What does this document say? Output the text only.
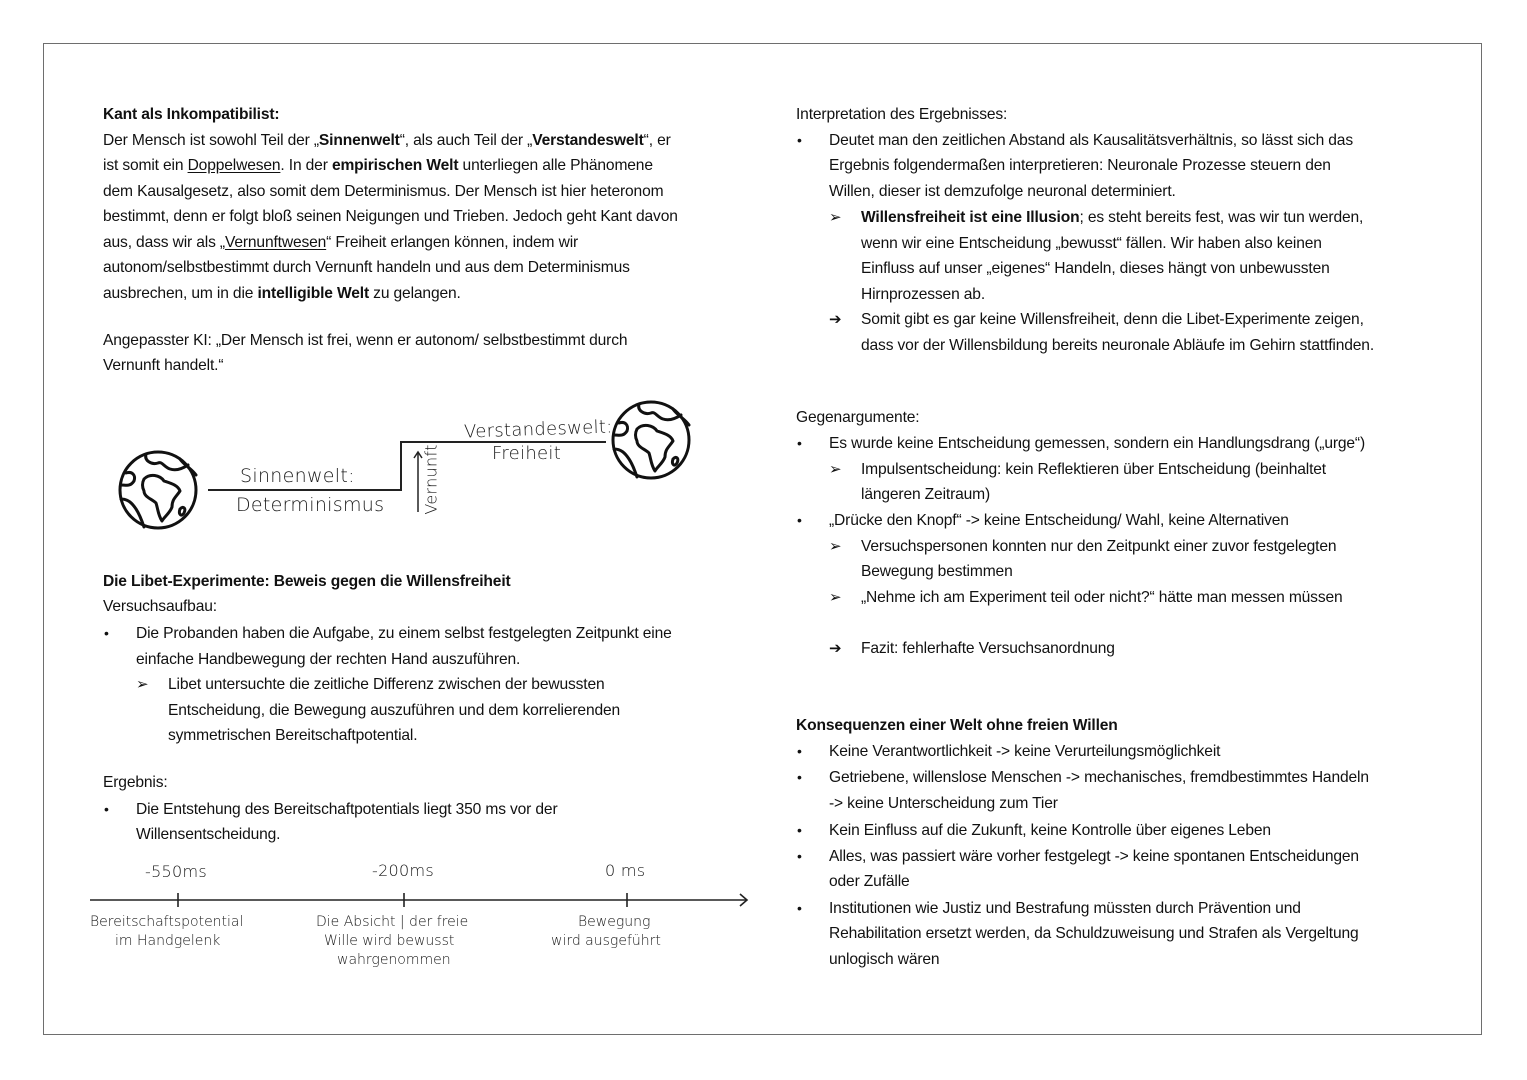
Kant als Inkompatibilist:
Der Mensch ist sowohl Teil der „Sinnenwelt“, als auch Teil der „Verstandeswelt“, er
ist somit ein Doppelwesen. In der empirischen Welt unterliegen alle Phänomene
dem Kausalgesetz, also somit dem Determinismus. Der Mensch ist hier heteronom
bestimmt, denn er folgt bloß seinen Neigungen und Trieben. Jedoch geht Kant davon
aus, dass wir als „Vernunftwesen“ Freiheit erlangen können, indem wir
autonom/selbstbestimmt durch Vernunft handeln und aus dem Determinismus
ausbrechen, um in die intelligible Welt zu gelangen.
Angepasster KI: „Der Mensch ist frei, wenn er autonom/ selbstbestimmt durch
Vernunft handelt.“
Sinnenwelt:
Determinismus
Verstandeswelt:
Freiheit
Vernunft
Die Libet-Experimente: Beweis gegen die Willensfreiheit
Versuchsaufbau:
• Die Probanden haben die Aufgabe, zu einem selbst festgelegten Zeitpunkt eine
einfache Handbewegung der rechten Hand auszuführen.
➢ Libet untersuchte die zeitliche Differenz zwischen der bewussten
Entscheidung, die Bewegung auszuführen und dem korrelierenden
symmetrischen Bereitschaftpotential.
Ergebnis:
• Die Entstehung des Bereitschaftpotentials liegt 350 ms vor der
Willensentscheidung.
-550ms	-200ms	0 ms
Bereitschaftspotential
im Handgelenk
Die Absicht | der freie
Wille wird bewusst
wahrgenommen
Bewegung
wird ausgeführt
Interpretation des Ergebnisses:
• Deutet man den zeitlichen Abstand als Kausalitätsverhältnis, so lässt sich das
Ergebnis folgendermaßen interpretieren: Neuronale Prozesse steuern den
Willen, dieser ist demzufolge neuronal determiniert.
➢ Willensfreiheit ist eine Illusion; es steht bereits fest, was wir tun werden,
wenn wir eine Entscheidung „bewusst“ fällen. Wir haben also keinen
Einfluss auf unser „eigenes“ Handeln, dieses hängt von unbewussten
Hirnprozessen ab.
➔ Somit gibt es gar keine Willensfreiheit, denn die Libet-Experimente zeigen,
dass vor der Willensbildung bereits neuronale Abläufe im Gehirn stattfinden.
Gegenargumente:
• Es wurde keine Entscheidung gemessen, sondern ein Handlungsdrang („urge“)
➢ Impulsentscheidung: kein Reflektieren über Entscheidung (beinhaltet
längeren Zeitraum)
• „Drücke den Knopf“ -> keine Entscheidung/ Wahl, keine Alternativen
➢ Versuchspersonen konnten nur den Zeitpunkt einer zuvor festgelegten
Bewegung bestimmen
➢ „Nehme ich am Experiment teil oder nicht?“ hätte man messen müssen
➔ Fazit: fehlerhafte Versuchsanordnung
Konsequenzen einer Welt ohne freien Willen
• Keine Verantwortlichkeit -> keine Verurteilungsmöglichkeit
• Getriebene, willenslose Menschen -> mechanisches, fremdbestimmtes Handeln
-> keine Unterscheidung zum Tier
• Kein Einfluss auf die Zukunft, keine Kontrolle über eigenes Leben
• Alles, was passiert wäre vorher festgelegt -> keine spontanen Entscheidungen
oder Zufälle
• Institutionen wie Justiz und Bestrafung müssten durch Prävention und
Rehabilitation ersetzt werden, da Schuldzuweisung und Strafen als Vergeltung
unlogisch wären
